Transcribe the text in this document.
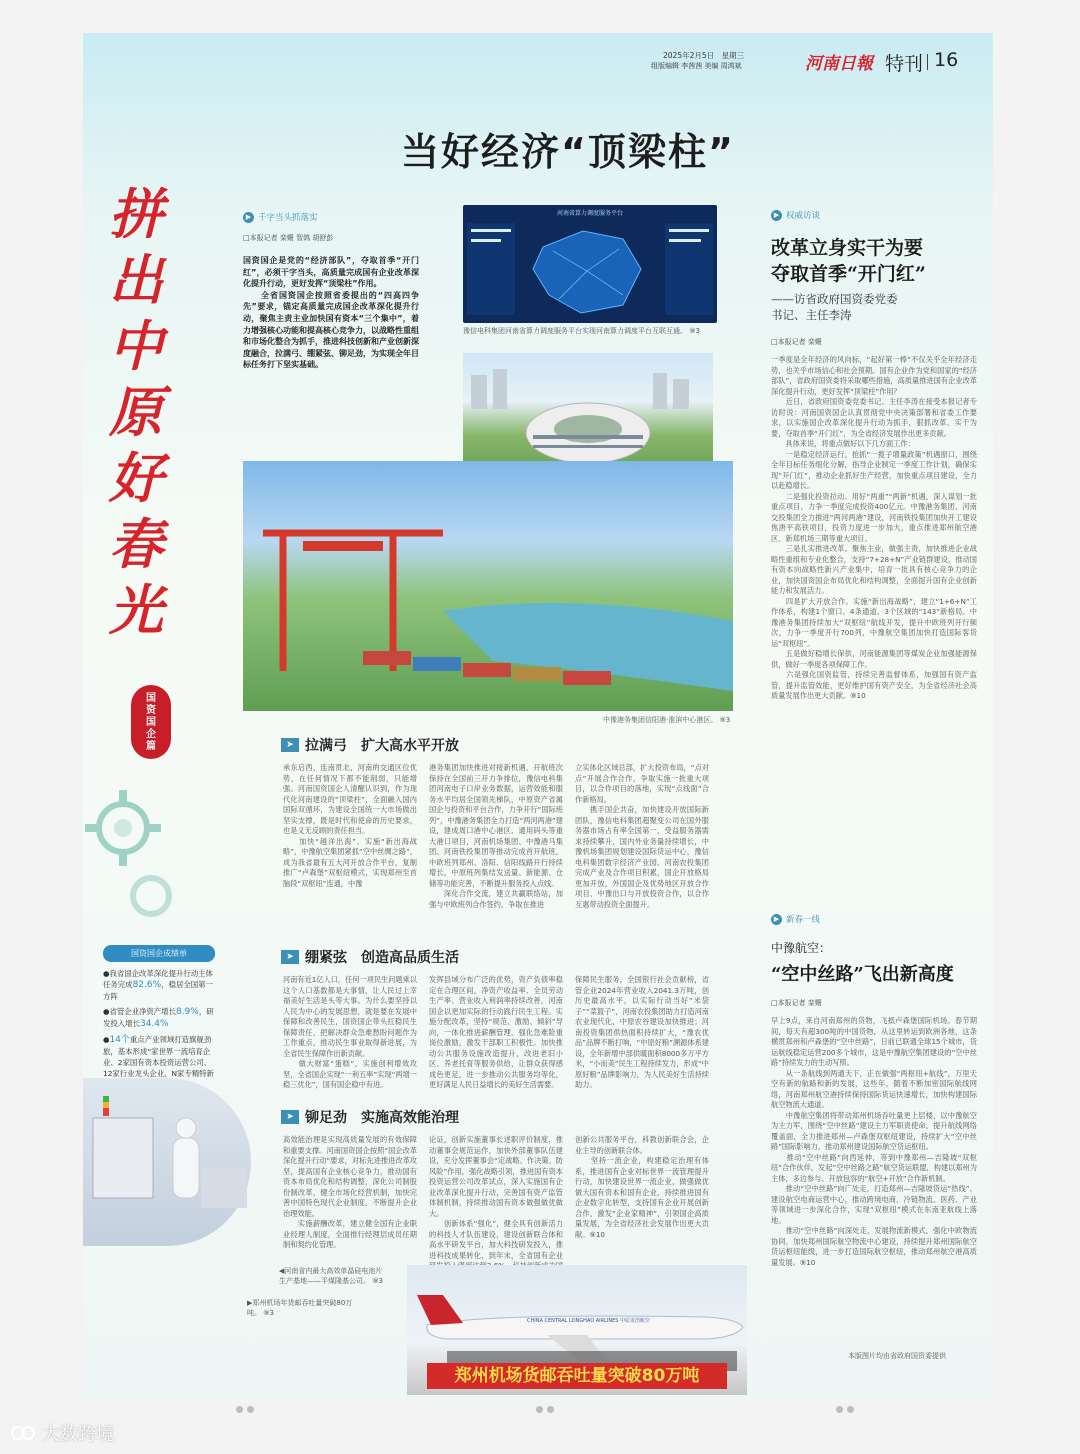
2025年2月5日　星期三
组版编辑 李茜茜 美编 周鸿斌	河南日報 特刊 16
当好经济“顶梁柱”
拼
出
中
原
好
春
光
国
资
国
企
篇
▶ 千字当头抓落实
□本报记者 栾姗 智鸽 胡舒彭
国资国企是党的“经济部队”，夺取首季“开门红”，必须干字当头，高质量完成国有企业改革深化提升行动，更好发挥“顶梁柱”作用。
　　全省国资国企按照省委提出的“四高四争先”要求，锚定高质量完成国企改革深化提升行动，聚焦主责主业加快国有资本“三个集中”，着力增强核心功能和提高核心竞争力，以战略性重组和市场化整合为抓手，推进科技创新和产业创新深度融合，拉满弓、绷紧弦、铆足劲，为实现全年目标任务打下坚实基础。
河南省算力调度服务平台
豫信电科集团河南省算力调度服务平台实现河南算力调度平台互联互通。 ⑨3
中豫港务集团信阳港·淮滨中心港区。 ⑨3
➤ 拉满弓　扩大高水平开放
承东启西，连南贯北，河南的交通区位优势，在任何情况下都不能削弱，只能增强。河南国资国企人清醒认识到，作为现代化河南建设的“顶梁柱”，全面融入国内国际双循环，为建设全国统一大市场做出坚实支撑，既是时代和使命的历史要求，也是义无反顾的责任担当。
　　加快“越洋出海”、实施“新出海战略”，中豫航空集团紧抓“空中丝绸之路”，成为我省最有五大河开放合作平台，复制推广“卢森堡”双枢纽模式，实现郑州至首脑段“双枢纽”连通，中豫
港务集团加快推进对接新机遇、开航班次保持在全国前三开力争排位，豫信电科集团河南电子口岸业务数据，运营效能和服务水平均居全国领先梯队，中原资产省属国企与投资和平台合作，力争开行“国际班列”，中豫港务集团全力打造“两河两港”建设，建成周口港中心港区、通用码头等重大港口项目，河南机场集团、中豫港马集团、河南铁投集团等推动完成首开航班，中欧班列郑州、洛阳、信阳线路开行持续增长，中原班列集结发送量、新能源、仓储等功能完善，不断提升服务投入点线。
　　深化合作交流，建立共赢联络站，加强与中欧班列合作签约，争取在推进
立实体化区域总部，扩大投资布局，“点对点”开展合作合作，争取实施一批重大项目，以合作项目的落地，实现“点线面”合作新格局。
　　携手国企共奋，加快建设开放国际新团队，豫信电科集团超聚变公司在国外服务器市场占有率全国第一，受益服务器需求持续攀升，国内外业务量持续增长，中豫机场集团规划建设国际货运中心，豫信电科集团数字经济产业园、河南农投集团完成产业及合作项目积累，国企开放格局更加开放，外国国企及优势地区开放合作项目、中豫出口与开放投资合作，以合作互惠带动投资全面提升。
➤ 绷紧弦　创造高品质生活
河南有近1亿人口，任何一项民生问题乘以这个人口基数都是大事情，让人民过上幸福美好生活是头等大事。为什么要坚持以人民为中心的发展思想，就是要在发展中保障和改善民生，国资国企带头扛稳民生保障责任，把解决群众急难愁盼问题作为工作重点，推动民生事业取得新进展，为全省民生保障作出新贡献。
　　做大财富“蛋糕”，实施创利增效攻坚，全省国企实现“一利五率”实现“两增一稳三优化”，国有国企稳中有进。
发挥县域分布广泛的优势，资产负债率稳定在合理区间，净资产收益率、全员劳动生产率、营业收入利润率持续改善，河南国企以更加实际的行动践行民生工程。实施分配改革，坚持“规范、激励、倾斜”导向，一体化推进薪酬管理，强化急难险重岗位激励，激发干部职工积极性。加快推动公共服务设施改造提升，改进老旧小区、养老托育等服务供给，让群众获得感成色更足，进一步推动公共服务均等化，更好满足人民日益增长的美好生活需要。
保障民生服务，全国银行社会贡献榜，省管企业2024年营业收入2041.3万吨，创历史最高水平，以实际行动当好“米袋子”“菜篮子”，河南农投集团助力打造河南农业现代化，中原农谷建设加快推进；河南投资集团供热面积持续扩大，“豫农优品”品牌不断打响，“中原好粮”溯源体系建设，全年新增中部供暖面积8000多万平方米，“小而美”民生工程持续发力，形成“中原好粮”品牌影响力，为人民美好生活持续助力。
➤ 铆足劲　实施高效能治理
高效能治理是实现高质量发展的有效保障和重要支撑。河南国资国企按照“国企改革深化提升行动”要求，对标先进推进改革攻坚，提高国有企业核心竞争力，推动国有资本布局优化和结构调整，深化公司制股份制改革，健全市场化经营机制，加快完善中国特色现代企业制度，不断提升企业治理效能。
　　实施薪酬改革，建立健全国有企业职业经理人制度，全面推行经理层成员任期制和契约化管理。
论证，创新实施董事长述职评价制度，推动董事会规范运作，加快外部董事队伍建设，充分发挥董事会“定战略、作决策、防风险”作用，强化战略引领，推进国有资本投资运营公司改革试点，深入实施国有企业改革深化提升行动，完善国有资产监管体制机制，持续推动国有资本做强做优做大。
　　创新体系“强化”，健全具有创新活力的科技人才队伍建设，建设创新联合体和高水平研发平台，加大科技研发投入，推进科技成果转化，到年末，全省国有企业
创新公共服务平台，科教创新联合会，企业主导的创新联合体。
　　坚持一流企业，构建稳定治理有体系，推进国有企业对标世界一流管理提升行动，加快建设世界一流企业，做强做优做大国有资本和国有企业，持续推进国有企业数字化转型，支持国有企业开展创新合作，激发“企业家精神”，引领国企高质量发展，为全省经济社会发展作出更大贡献。⑨10
国资国企成绩单
●我省国企改革深化提升行动主体任务完成82.6%，稳居全国第一方阵
●省管企业净资产增长8.9%，研发投入增长34.4%
●14个重点产业领域打造旗舰劲旅，基本形成“家世界一流培育企业、2家国有资本投资运营公司、12家行业龙头企业、N家专精特新
◀河南省内最大高效单晶硅电池片生产基地——平煤隆基公司。 ⑨3
▶郑州机场年货邮吞吐量突破80万吨。 ⑨3
CHINA CENTRAL LONGHAO AIRLINES 中原龙浩航空
郑州机场货邮吞吐量突破80万吨
本版图片均由省政府国资委提供
▶ 权威访谈
改革立身实干为要
夺取首季“开门红”
——访省政府国资委党委
书记、主任李涛
□本报记者 栾姗
一季度是全年经济的风向标，“起好第一棒”不仅关乎全年经济走势，也关乎市场信心和社会预期。国有企业作为党和国家的“经济部队”，省政府国资委将采取哪些措施，高质量推进国有企业改革深化提升行动，更好发挥“顶梁柱”作用？
　　近日，省政府国资委党委书记、主任李涛在接受本报记者专访时说：河南国资国企认真贯彻党中央决策部署和省委工作要求，以实施国企改革深化提升行动为抓手，狠抓改革、实干为要，夺取首季“开门红”，为全省经济发展作出更多贡献。
　　具体来说，将重点做好以下几方面工作：
　　一是稳定经济运行。抢抓“一揽子增量政策”机遇窗口，围绕全年目标任务细化分解，指导企业制定一季度工作计划，确保实现“开门红”，推动企业抓好生产经营，加快重点项目建设，全力以赴稳增长。
　　二是强化投资拉动。用好“两重”“两新”机遇，深入谋划一批重点项目，力争一季度完成投资400亿元。中豫港务集团、河南交投集团全力推进“两河两港”建设，河南铁投集团加快开工建设焦唐平高铁项目，投资力度进一步加大，重点推进郑州航空港区、新郑机场三期等重大项目。
　　三是扎实推进改革。聚焦主业，做强主责，加快推进企业战略性重组和专业化整合，支持“7+28+N”产业链群建设，推动国有资本向战略性新兴产业集中，培育一批具有核心竞争力的企业，加快国资国企布局优化和结构调整，全面提升国有企业创新能力和发展活力。
　　四是扩大开放合作。实施“新出海战略”，建立“1+6+N”工作体系，构建1个窗口、4条通道、3个区域的“143”新格局。中豫港务集团持续加大“双枢纽”航线开发，提升中欧班列开行频次，力争一季度开行700列，中豫航空集团加快打造国际客货运“双枢纽”。
　　五是做好稳增长保供，河南能源集团等煤炭企业加强能源保供，做好一季度各项保障工作。
　　六是强化国资监管，持续完善监督体系，加强国有资产监管，提升监管效能，更好维护国有资产安全，为全省经济社会高质量发展作出更大贡献。⑨10
▶ 新春一线
中豫航空：
“空中丝路”飞出新高度
□本报记者 栾姗
早上9点，来自河南郑州的货物，飞抵卢森堡国际机场。春节期间，每天有超300吨的中国货物，从这里转运到欧洲各地，这条横贯郑州和卢森堡的“空中丝路”，日前已联通全球15个城市，货运航线稳定运营200多个城市，这是中豫航空集团建设的“空中丝路”持续发力的生动写照。
　　从一条航线到两通天下，正在做强“两枢纽+航线”，万里天空有新的航路和新的发展，这些年，随着不断加密国际航线网络，河南郑州航空港持续保持国际货运快速增长，加快构建国际航空物流大通道。
　　中豫航空集团将带动郑州机场吞吐量更上层楼，以中豫航空为主力军，围绕“空中丝路”建设主力军职责使命，提升航线网络覆盖面，全力推进郑州—卢森堡双枢纽建设，持续扩大“空中丝路”国际影响力，推动郑州建设国际航空货运枢纽。
　　推动“空中丝路”向西延伸，等到中豫郑州—吉隆坡“双枢纽”合作伙伴，发起“空中丝路之路”航空货运联盟，构建以郑州为主体，多边参与、开放包容的“航空+开放”合作新机制。
　　推动“空中丝路”向广处走，打造郑州—吉隆坡货运“热线”，建设航空电商运营中心，推动跨境电商、冷链物流、医药、产业等领域进一步深化合作，实现“双枢纽”模式在东南亚航线上落地。
　　推动“空中丝路”向深处走，发展物流新模式，强化中欧物流协同，加快郑州国际航空物流中心建设，持续提升郑州国际航空货运枢纽能级，进一步打造国际航空枢纽，推动郑州航空港高质量发展。⑨10
大数跨境
